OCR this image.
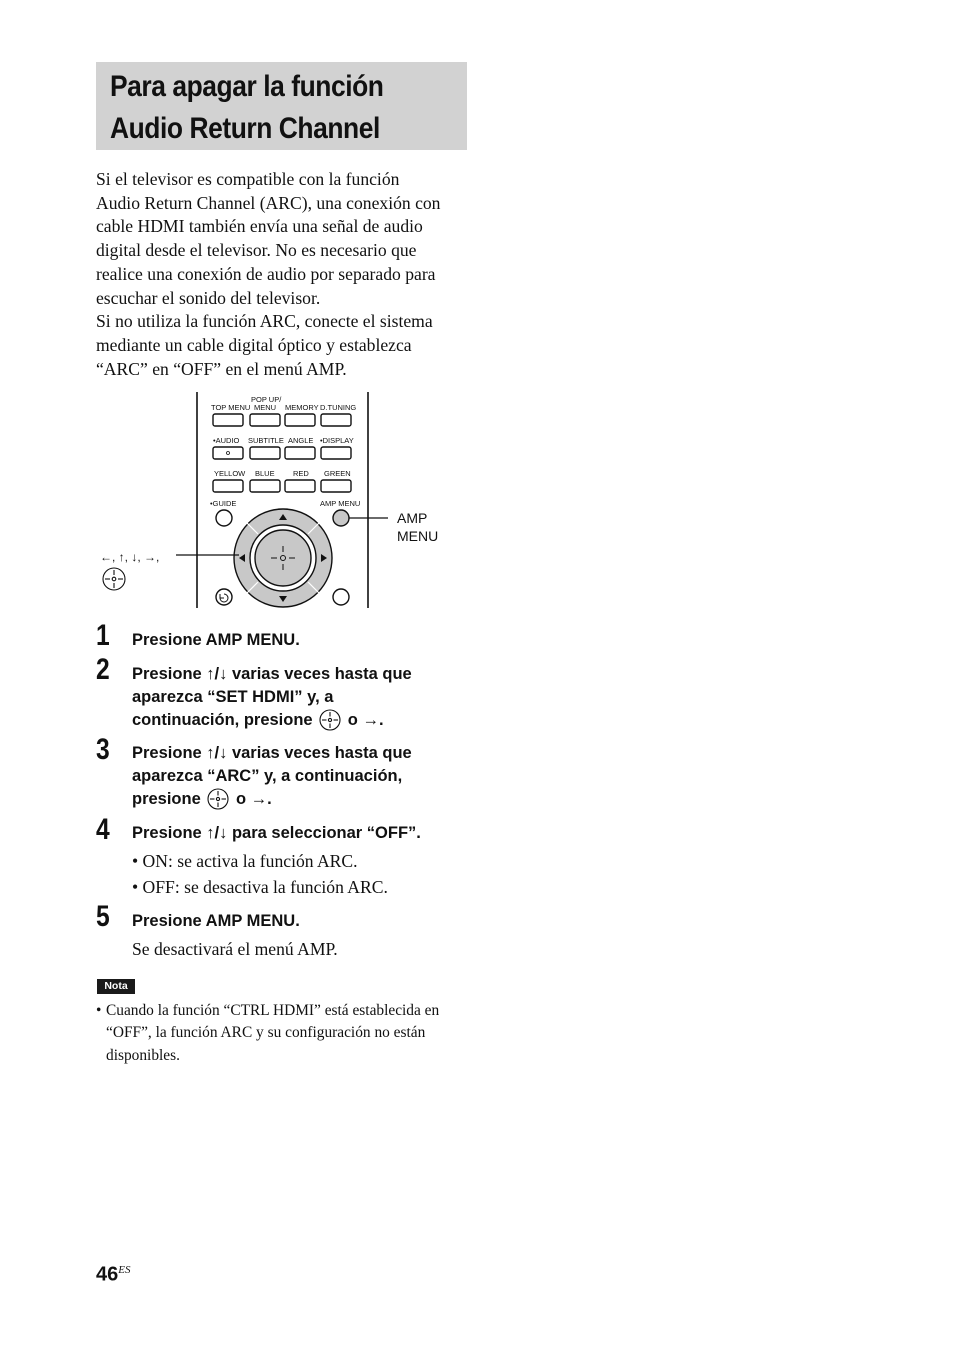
Para apagar la función
Audio Return Channel

Si el televisor es compatible con la función
Audio Return Channel (ARC), una conexión con
cable HDMI también envía una señal de audio
digital desde el televisor. No es necesario que
realice una conexión de audio por separado para
escuchar el sonido del televisor.

Si no utiliza la función ARC, conecte el sistema
mediante un cable digital óptico y establezca
“ARC” en “OFF” en el menú AMP.

TOP MENU
POP UP/
MENU MEMORY D.TUNING
•AUDIO SUBTITLE ANGLE •DISPLAY
YELLOW BLUE RED GREEN
•GUIDE	AMP MENU
AMP
MENU
←, ↑, ↓, →,
1 Presione AMP MENU.
2 Presione ↑/↓ varias veces hasta que
aparezca “SET HDMI” y, a
continuación, presione o →.
3 Presione ↑/↓ varias veces hasta que
aparezca “ARC” y, a continuación,
presione o →.
4 Presione ↑/↓ para seleccionar “OFF”.
• ON: se activa la función ARC.
• OFF: se desactiva la función ARC.
5 Presione AMP MENU.
Se desactivará el menú AMP.
Nota
• Cuando la función “CTRL HDMI” está establecida en
“OFF”, la función ARC y su configuración no están
disponibles.
$46^{ES}$
